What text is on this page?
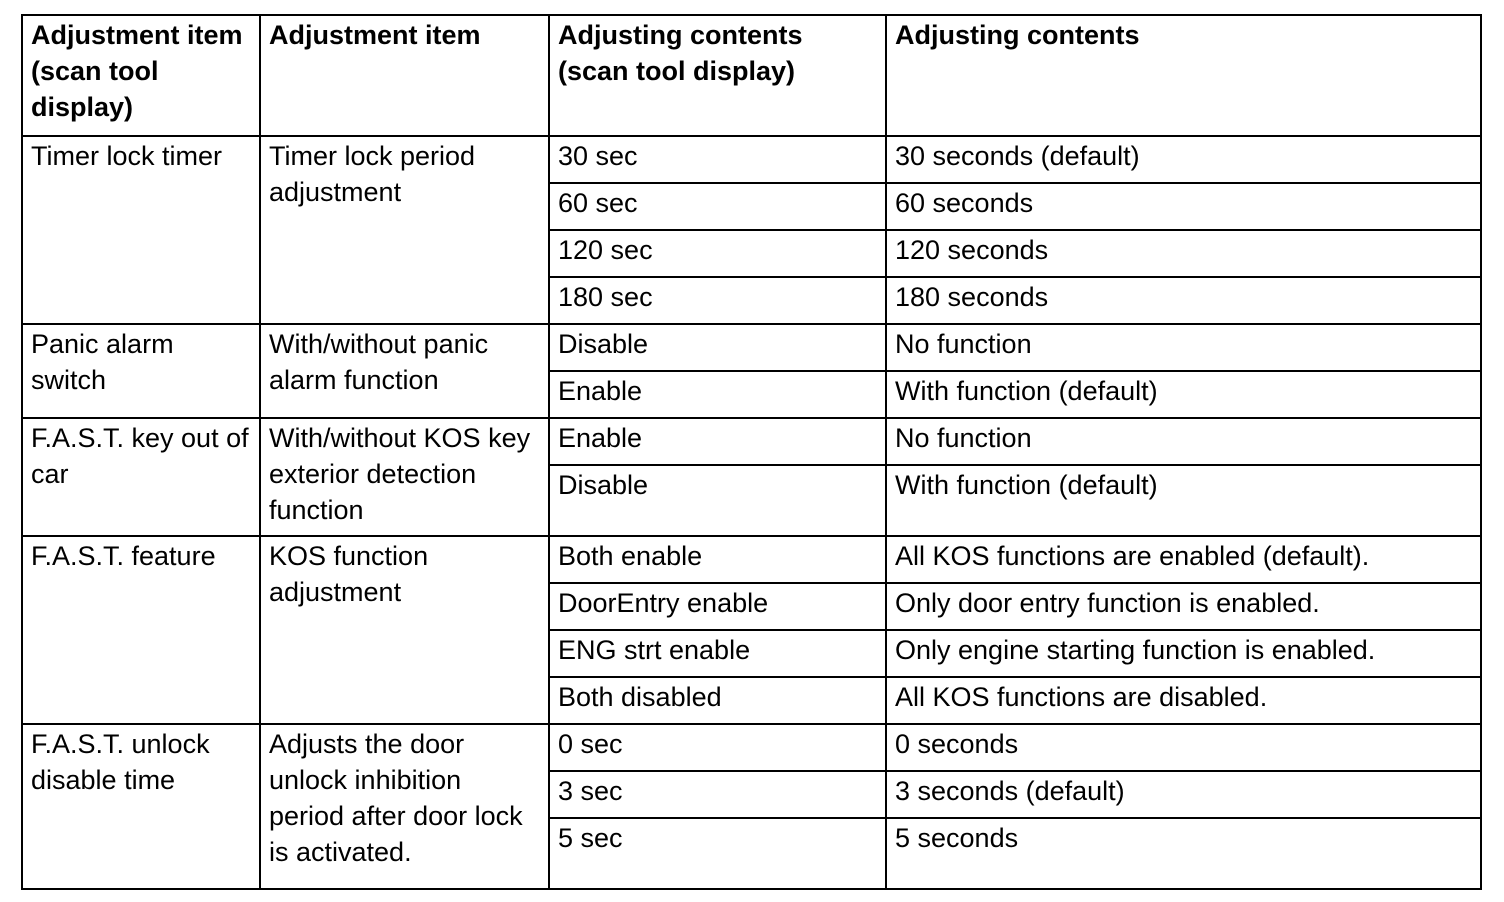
Adjustment item (scan tool display)	Adjustment item	Adjusting contents (scan tool display)	Adjusting contents
Timer lock timer	Timer lock period adjustment	30 sec	30 seconds (default)
		60 sec	60 seconds
		120 sec	120 seconds
		180 sec	180 seconds
Panic alarm switch	With/without panic alarm function	Disable	No function
		Enable	With function (default)
F.A.S.T. key out of car	With/without KOS key exterior detection function	Enable	No function
		Disable	With function (default)
F.A.S.T. feature	KOS function adjustment	Both enable	All KOS functions are enabled (default).
		DoorEntry enable	Only door entry function is enabled.
		ENG strt enable	Only engine starting function is enabled.
		Both disabled	All KOS functions are disabled.
F.A.S.T. unlock disable time	Adjusts the door unlock inhibition period after door lock is activated.	0 sec	0 seconds
		3 sec	3 seconds (default)
		5 sec	5 seconds
